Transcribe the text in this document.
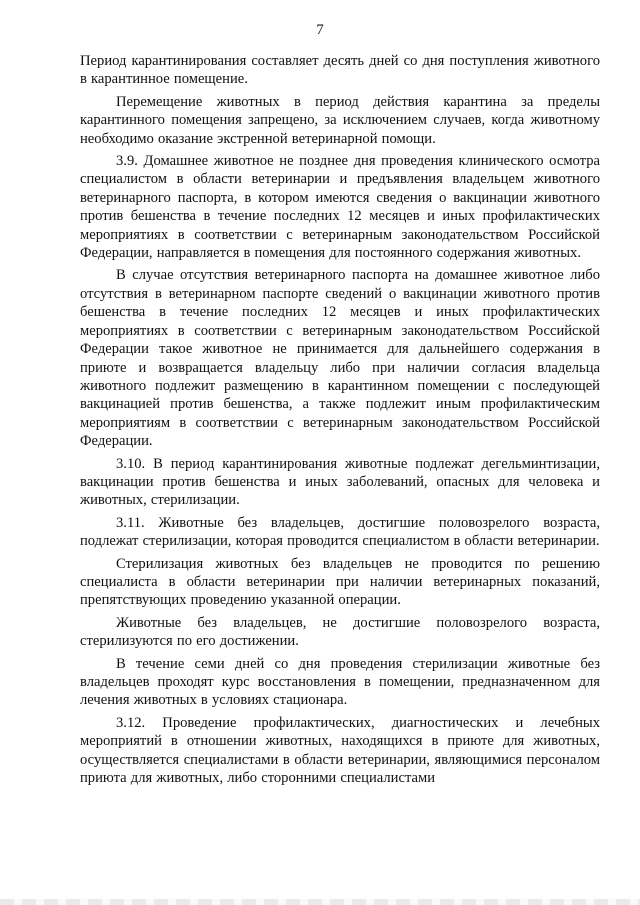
7

Период карантинирования составляет десять дней со дня поступления животного в карантинное помещение.

Перемещение животных в период действия карантина за пределы карантинного помещения запрещено, за исключением случаев, когда животному необходимо оказание экстренной ветеринарной помощи.

3.9. Домашнее животное не позднее дня проведения клинического осмотра специалистом в области ветеринарии и предъявления владельцем животного ветеринарного паспорта, в котором имеются сведения о вакцинации животного против бешенства в течение последних 12 месяцев и иных профилактических мероприятиях в соответствии с ветеринарным законодательством Российской Федерации, направляется в помещения для постоянного содержания животных.

В случае отсутствия ветеринарного паспорта на домашнее животное либо отсутствия в ветеринарном паспорте сведений о вакцинации животного против бешенства в течение последних 12 месяцев и иных профилактических мероприятиях в соответствии с ветеринарным законодательством Российской Федерации такое животное не принимается для дальнейшего содержания в приюте и возвращается владельцу либо при наличии согласия владельца животного подлежит размещению в карантинном помещении с последующей вакцинацией против бешенства, а также подлежит иным профилактическим мероприятиям в соответствии с ветеринарным законодательством Российской Федерации.

3.10. В период карантинирования животные подлежат дегельминтизации, вакцинации против бешенства и иных заболеваний, опасных для человека и животных, стерилизации.

3.11. Животные без владельцев, достигшие половозрелого возраста, подлежат стерилизации, которая проводится специалистом в области ветеринарии.

Стерилизация животных без владельцев не проводится по решению специалиста в области ветеринарии при наличии ветеринарных показаний, препятствующих проведению указанной операции.

Животные без владельцев, не достигшие половозрелого возраста, стерилизуются по его достижении.

В течение семи дней со дня проведения стерилизации животные без владельцев проходят курс восстановления в помещении, предназначенном для лечения животных в условиях стационара.

3.12. Проведение профилактических, диагностических и лечебных мероприятий в отношении животных, находящихся в приюте для животных, осуществляется специалистами в области ветеринарии, являющимися персоналом приюта для животных, либо сторонними специалистами
